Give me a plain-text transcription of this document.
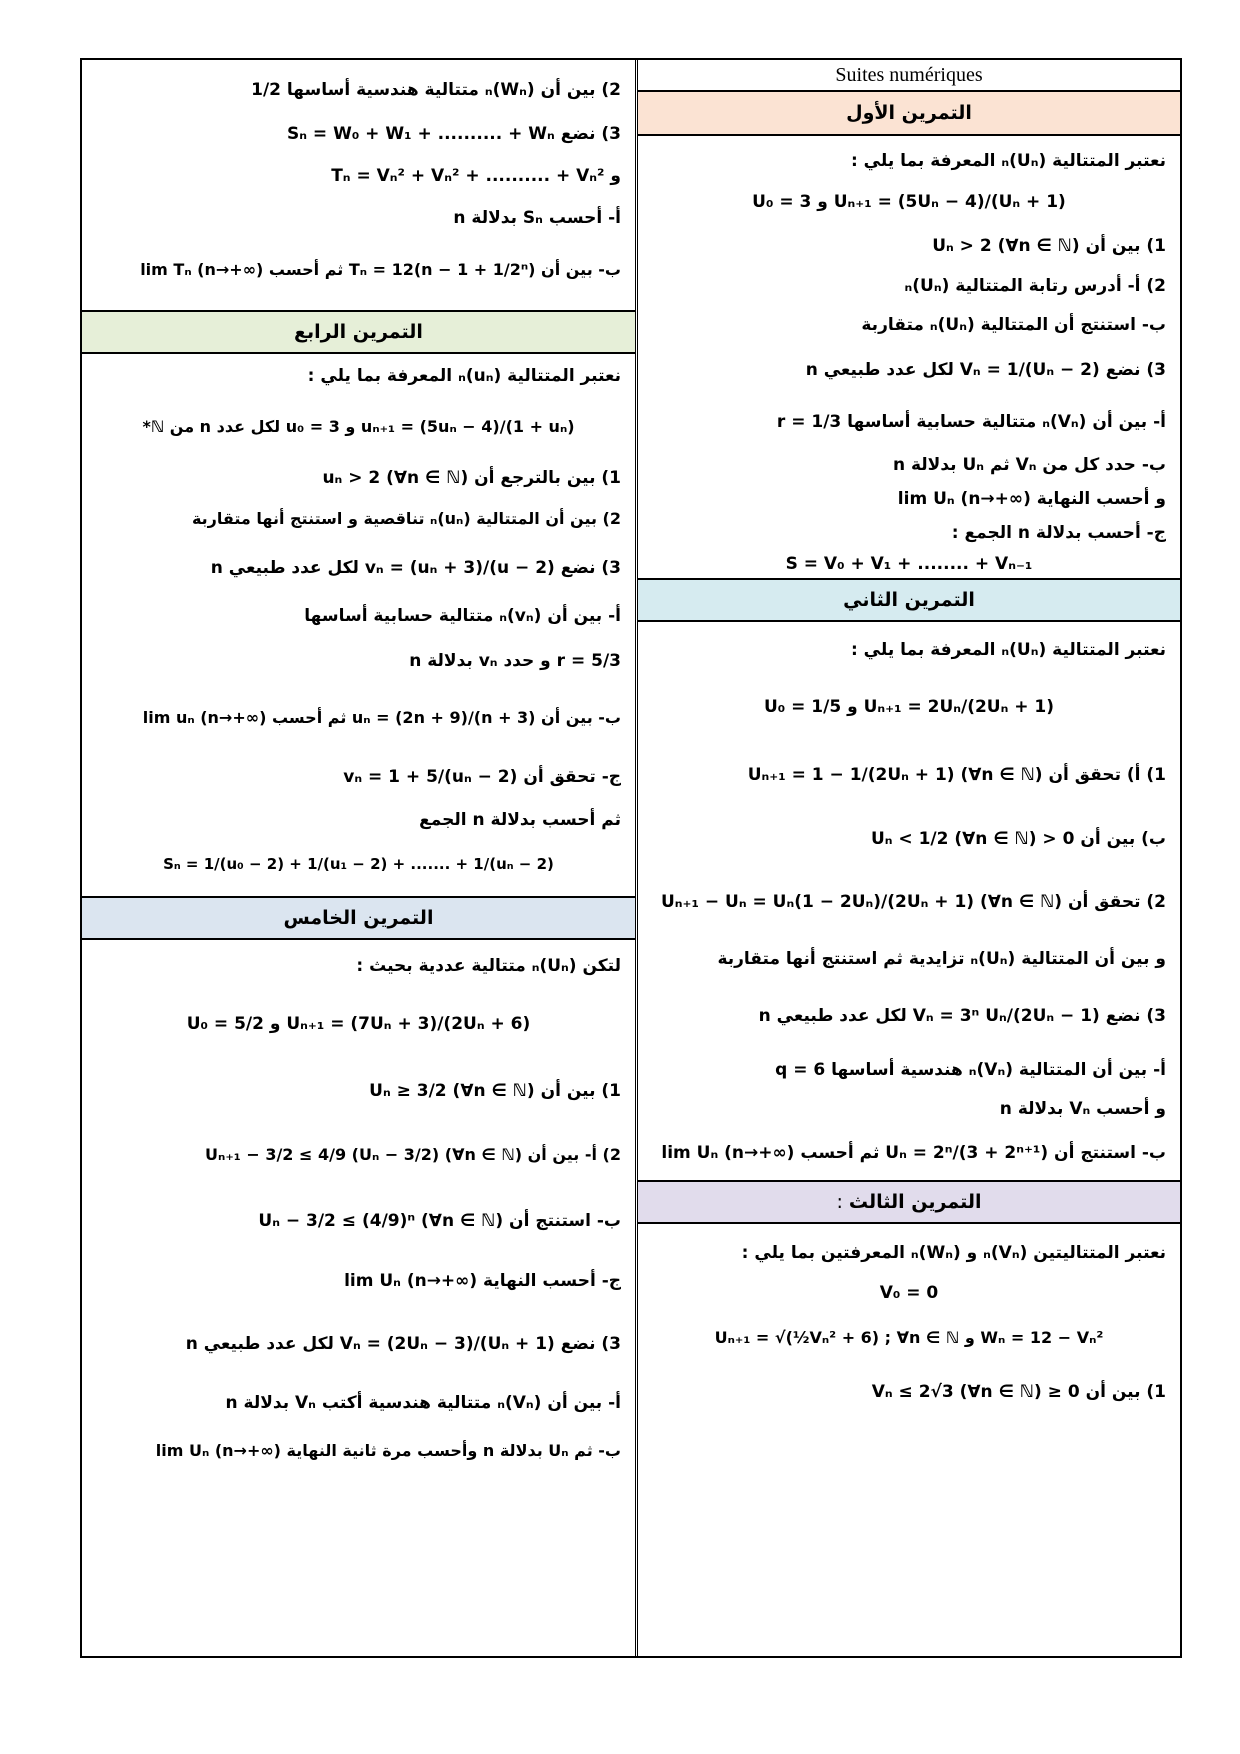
Suites numériques
التمرين الأول
نعتبر المتتالية (Uₙ)ₙ المعرفة بما يلي :
Uₙ₊₁ = (5Uₙ − 4)/(Uₙ + 1) و U₀ = 3
1) بين أن Uₙ > 2 (∀n ∈ ℕ)
2) أ- أدرس رتابة المتتالية (Uₙ)ₙ
ب- استنتج أن المتتالية (Uₙ)ₙ متقاربة
3) نضع Vₙ = 1/(Uₙ − 2) لكل عدد طبيعي n
أ- بين أن (Vₙ)ₙ متتالية حسابية أساسها r = 1/3
ب- حدد كل من Vₙ ثم Uₙ بدلالة n
و أحسب النهاية lim Uₙ (n→+∞)
ج- أحسب بدلالة n الجمع :
S = V₀ + V₁ + ........ + Vₙ₋₁
التمرين الثاني
نعتبر المتتالية (Uₙ)ₙ المعرفة بما يلي :
Uₙ₊₁ = 2Uₙ/(2Uₙ + 1) و U₀ = 1/5
1) أ) تحقق أن Uₙ₊₁ = 1 − 1/(2Uₙ + 1) (∀n ∈ ℕ)
ب) بين أن 0 < Uₙ < 1/2 (∀n ∈ ℕ)
2) تحقق أن Uₙ₊₁ − Uₙ = Uₙ(1 − 2Uₙ)/(2Uₙ + 1) (∀n ∈ ℕ)
و بين أن المتتالية (Uₙ)ₙ تزايدية ثم استنتج أنها متقاربة
3) نضع Vₙ = 3ⁿ Uₙ/(2Uₙ − 1) لكل عدد طبيعي n
أ- بين أن المتتالية (Vₙ)ₙ هندسية أساسها q = 6
و أحسب Vₙ بدلالة n
ب- استنتج أن Uₙ = 2ⁿ/(3 + 2ⁿ⁺¹) ثم أحسب lim Uₙ (n→+∞)
: التمرين الثالث
نعتبر المتتاليتين (Vₙ)ₙ و (Wₙ)ₙ المعرفتين بما يلي :
V₀ = 0
Wₙ = 12 − Vₙ² و Uₙ₊₁ = √(½Vₙ² + 6) ; ∀n ∈ ℕ
1) بين أن 0 ≤ Vₙ ≤ 2√3 (∀n ∈ ℕ)
2) بين أن (Wₙ)ₙ متتالية هندسية أساسها 1/2
3) نضع Sₙ = W₀ + W₁ + .......... + Wₙ
و Tₙ = Vₙ² + Vₙ² + .......... + Vₙ²
أ- أحسب Sₙ بدلالة n
ب- بين أن Tₙ = 12(n − 1 + 1/2ⁿ) ثم أحسب lim Tₙ (n→+∞)
التمرين الرابع
نعتبر المتتالية (uₙ)ₙ المعرفة بما يلي :
uₙ₊₁ = (5uₙ − 4)/(1 + uₙ) و u₀ = 3 لكل عدد n من ℕ*
1) بين بالترجع أن uₙ > 2 (∀n ∈ ℕ)
2) بين أن المتتالية (uₙ)ₙ تناقصية و استنتج أنها متقاربة
3) نضع vₙ = (uₙ + 3)/(u − 2) لكل عدد طبيعي n
أ- بين أن (vₙ)ₙ متتالية حسابية أساسها
r = 5/3 و حدد vₙ بدلالة n
ب- بين أن uₙ = (2n + 9)/(n + 3) ثم أحسب lim uₙ (n→+∞)
ج- تحقق أن vₙ = 1 + 5/(uₙ − 2)
ثم أحسب بدلالة n الجمع
Sₙ = 1/(u₀ − 2) + 1/(u₁ − 2) + ....... + 1/(uₙ − 2)
التمرين الخامس
لتكن (Uₙ)ₙ متتالية عددية بحيث :
Uₙ₊₁ = (7Uₙ + 3)/(2Uₙ + 6) و U₀ = 5/2
1) بين أن Uₙ ≥ 3/2 (∀n ∈ ℕ)
2) أ- بين أن Uₙ₊₁ − 3/2 ≤ 4/9 (Uₙ − 3/2) (∀n ∈ ℕ)
ب- استنتج أن Uₙ − 3/2 ≤ (4/9)ⁿ (∀n ∈ ℕ)
ج- أحسب النهاية lim Uₙ (n→+∞)
3) نضع Vₙ = (2Uₙ − 3)/(Uₙ + 1) لكل عدد طبيعي n
أ- بين أن (Vₙ)ₙ متتالية هندسية أكتب Vₙ بدلالة n
ب- ثم Uₙ بدلالة n وأحسب مرة ثانية النهاية lim Uₙ (n→+∞)
